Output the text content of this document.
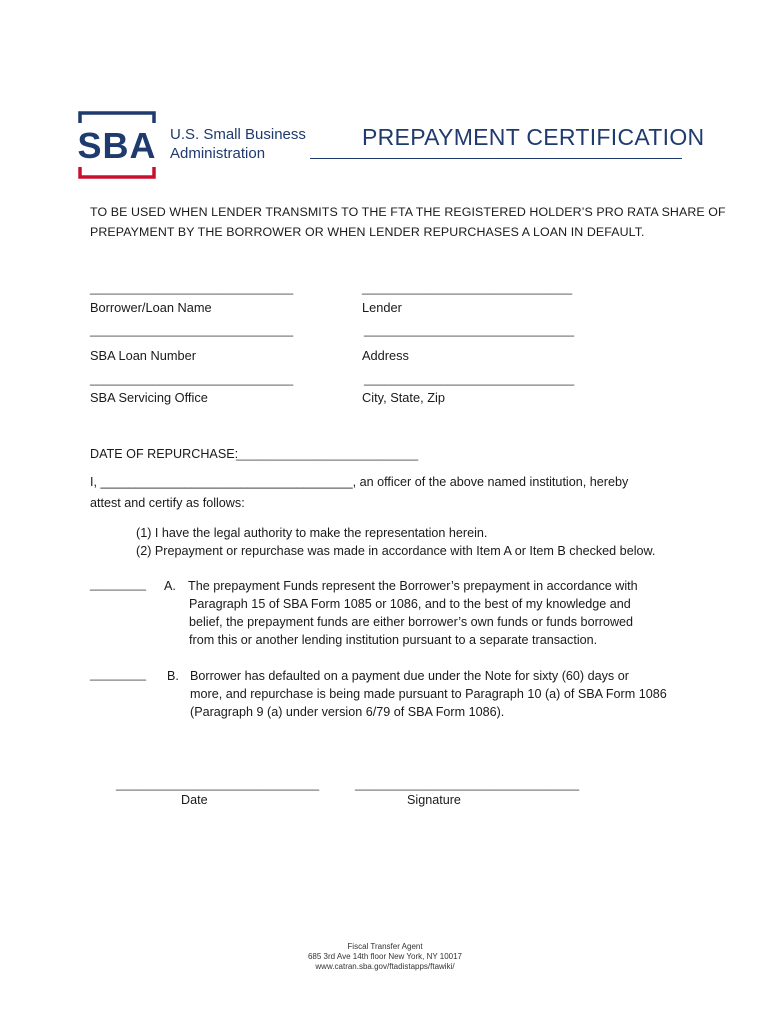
SBA U.S. Small Business
Administration
PREPAYMENT CERTIFICATION
TO BE USED WHEN LENDER TRANSMITS TO THE FTA THE REGISTERED HOLDER’S PRO RATA SHARE OF
PREPAYMENT BY THE BORROWER OR WHEN LENDER REPURCHASES A LOAN IN DEFAULT.
_____________________________
Borrower/Loan Name
_____________________________
SBA Loan Number
_____________________________
SBA Servicing Office
______________________________
Lender
______________________________
Address
______________________________
City, State, Zip
DATE OF REPURCHASE:
__________________________
I, ____________________________________, an officer of the above named institution, hereby
attest and certify as follows:
(1) I have the legal authority to make the representation herein.
(2) Prepayment or repurchase was made in accordance with Item A or Item B checked below.
________ A. The prepayment Funds represent the Borrower’s prepayment in accordance with
Paragraph 15 of SBA Form 1085 or 1086, and to the best of my knowledge and
belief, the prepayment funds are either borrower’s own funds or funds borrowed
from this or another lending institution pursuant to a separate transaction.
________ B. Borrower has defaulted on a payment due under the Note for sixty (60) days or
more, and repurchase is being made pursuant to Paragraph 10 (a) of SBA Form 1086
(Paragraph 9 (a) under version 6/79 of SBA Form 1086).
_____________________________
Date
________________________________
Signature
Fiscal Transfer Agent
685 3rd Ave 14th floor New York, NY 10017
www.catran.sba.gov/ftadistapps/ftawiki/
